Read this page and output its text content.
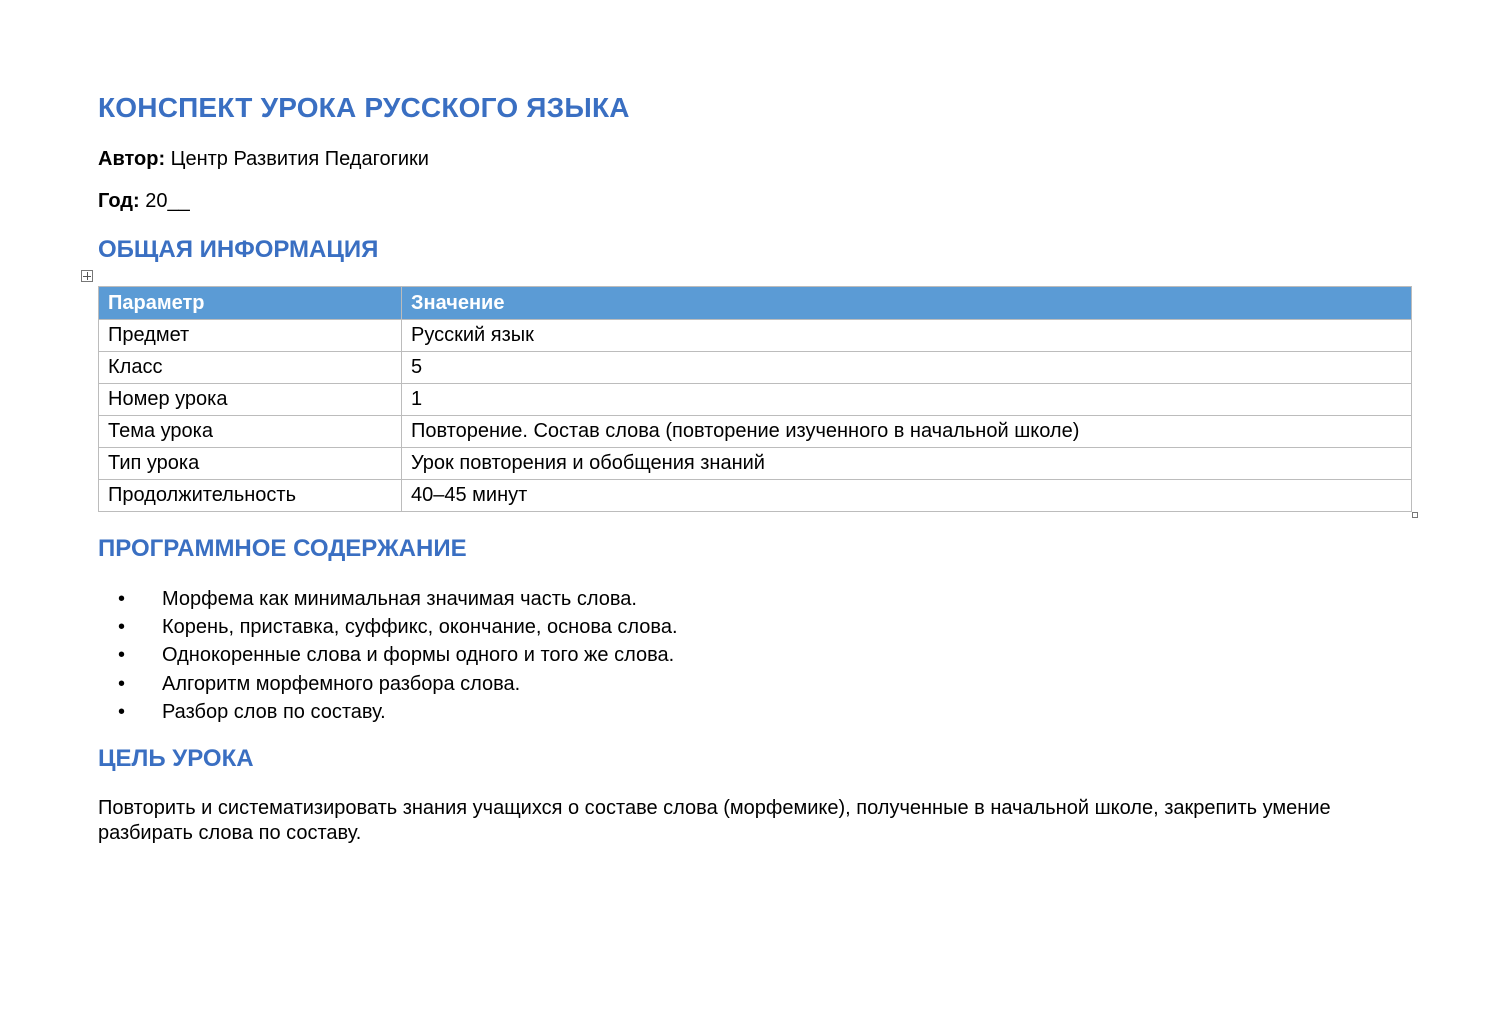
КОНСПЕКТ УРОКА РУССКОГО ЯЗЫКА

Автор: Центр Развития Педагогики

Год: 20__

ОБЩАЯ ИНФОРМАЦИЯ
Параметр	Значение
Предмет	Русский язык
Класс	5
Номер урока	1
Тема урока	Повторение. Состав слова (повторение изученного в начальной школе)
Тип урока	Урок повторения и обобщения знаний
Продолжительность	40–45 минут
ПРОГРАММНОЕ СОДЕРЖАНИЕ
• Морфема как минимальная значимая часть слова.
• Корень, приставка, суффикс, окончание, основа слова.
• Однокоренные слова и формы одного и того же слова.
• Алгоритм морфемного разбора слова.
• Разбор слов по составу.
ЦЕЛЬ УРОКА

Повторить и систематизировать знания учащихся о составе слова (морфемике), полученные в начальной школе, закрепить умение разбирать слова по составу.
